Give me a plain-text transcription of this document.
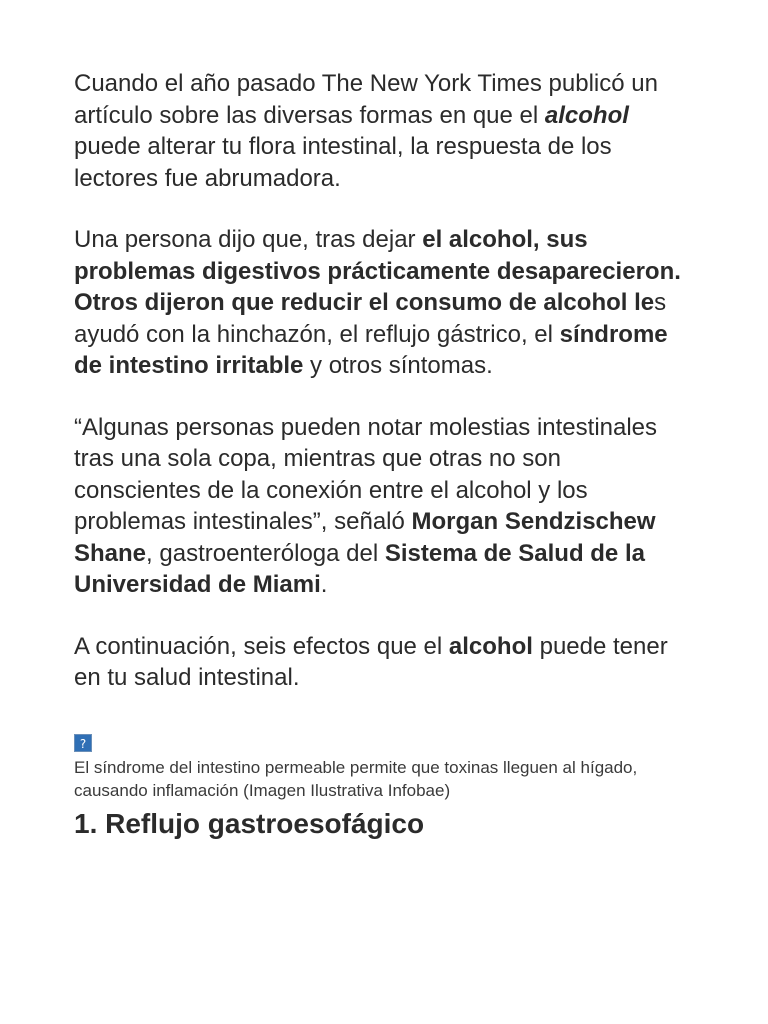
Cuando el año pasado The New York Times publicó un artículo sobre las diversas formas en que el alcohol puede alterar tu flora intestinal, la respuesta de los lectores fue abrumadora.

Una persona dijo que, tras dejar el alcohol, sus problemas digestivos prácticamente desaparecieron. Otros dijeron que reducir el consumo de alcohol les ayudó con la hinchazón, el reflujo gástrico, el síndrome de intestino irritable y otros síntomas.

“Algunas personas pueden notar molestias intestinales tras una sola copa, mientras que otras no son conscientes de la conexión entre el alcohol y los problemas intestinales”, señaló Morgan Sendzischew Shane, gastroenteróloga del Sistema de Salud de la Universidad de Miami.

A continuación, seis efectos que el alcohol puede tener en tu salud intestinal.

?
El síndrome del intestino permeable permite que toxinas lleguen al hígado, causando inflamación (Imagen Ilustrativa Infobae)
1. Reflujo gastroesofágico
